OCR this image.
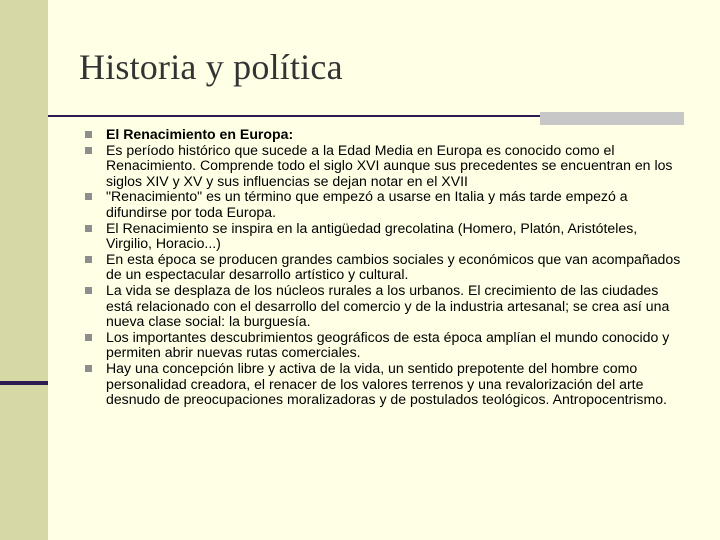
Historia y política
El Renacimiento en Europa:
Es período histórico que sucede a la Edad Media en Europa es conocido como el Renacimiento. Comprende todo el siglo XVI aunque sus precedentes se encuentran en los siglos XIV y XV y sus influencias se dejan notar en el XVII
"Renacimiento" es un término que empezó a usarse en Italia y más tarde empezó a difundirse por toda Europa.
El Renacimiento se inspira en la antigüedad grecolatina (Homero, Platón, Aristóteles, Virgilio, Horacio...)
En esta época se producen grandes cambios sociales y económicos que van acompañados de un espectacular desarrollo artístico y cultural.
La vida se desplaza de los núcleos rurales a los urbanos. El crecimiento de las ciudades está relacionado con el desarrollo del comercio y de la industria artesanal; se crea así una nueva clase social: la burguesía.
Los importantes descubrimientos geográficos de esta época amplían el mundo conocido y permiten abrir nuevas rutas comerciales.
Hay una concepción libre y activa de la vida, un sentido prepotente del hombre como personalidad creadora, el renacer de los valores terrenos y una revalorización del arte desnudo de preocupaciones moralizadoras y de postulados teológicos. Antropocentrismo.
